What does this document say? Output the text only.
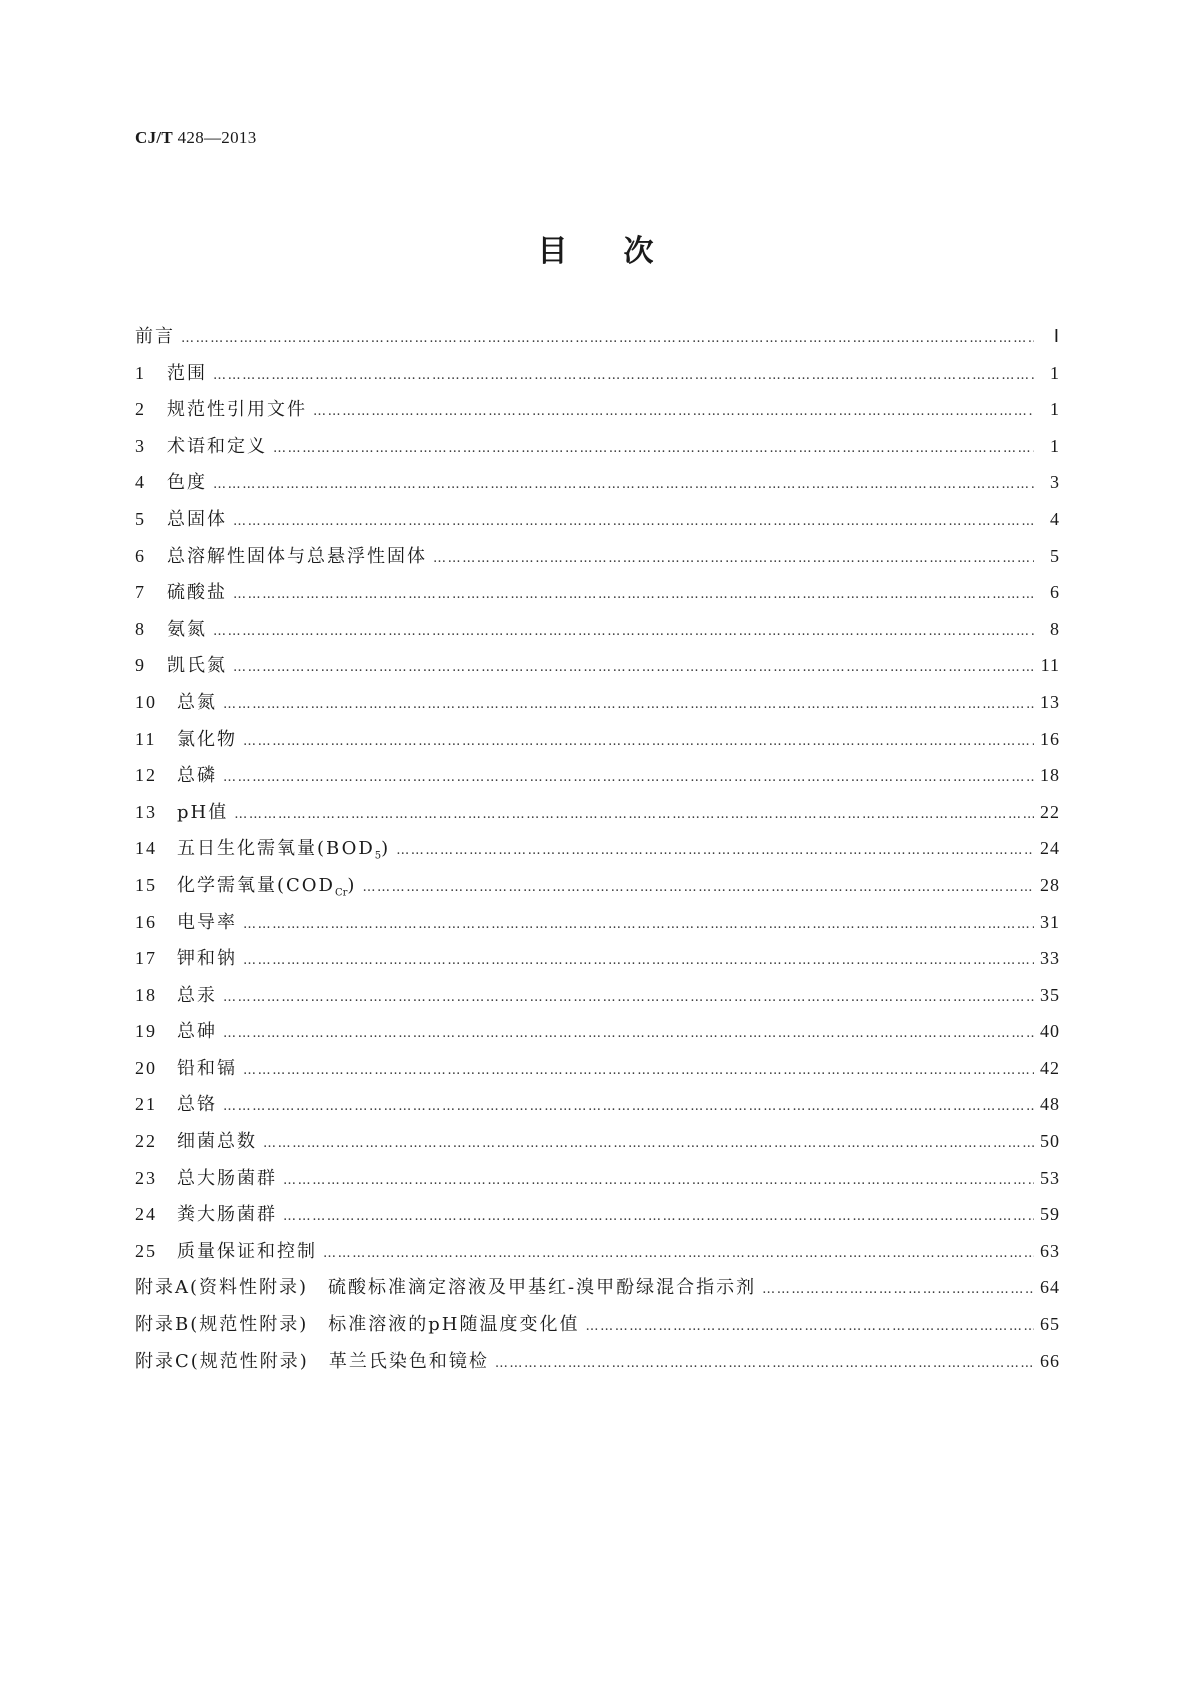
CJ/T 428—2013
目次
前言 ………………………………………………………………………………………………………………………………………………………………………………………………………………	Ⅰ
1	范围 ………………………………………………………………………………………………………………………………………………………………………………………………………………	1
2	规范性引用文件 ………………………………………………………………………………………………………………………………………………………………………………………………………………	1
3	术语和定义 ………………………………………………………………………………………………………………………………………………………………………………………………………………	1
4	色度 ………………………………………………………………………………………………………………………………………………………………………………………………………………	3
5	总固体 ………………………………………………………………………………………………………………………………………………………………………………………………………………	4
6	总溶解性固体与总悬浮性固体 ………………………………………………………………………………………………………………………………………………………………………………………………………………	5
7	硫酸盐 ………………………………………………………………………………………………………………………………………………………………………………………………………………	6
8	氨氮 ………………………………………………………………………………………………………………………………………………………………………………………………………………	8
9	凯氏氮 ………………………………………………………………………………………………………………………………………………………………………………………………………………	11
10	总氮 ………………………………………………………………………………………………………………………………………………………………………………………………………………	13
11	氯化物 ………………………………………………………………………………………………………………………………………………………………………………………………………………	16
12	总磷 ………………………………………………………………………………………………………………………………………………………………………………………………………………	18
13	pH值 ………………………………………………………………………………………………………………………………………………………………………………………………………………	22
14	五日生化需氧量$(BOD_5)$ ………………………………………………………………………………………………………………………………………………………………………………………………………………	24
15	化学需氧量$(COD_{Cr})$ ………………………………………………………………………………………………………………………………………………………………………………………………………………	28
16	电导率 ………………………………………………………………………………………………………………………………………………………………………………………………………………	31
17	钾和钠 ………………………………………………………………………………………………………………………………………………………………………………………………………………	33
18	总汞 ………………………………………………………………………………………………………………………………………………………………………………………………………………	35
19	总砷 ………………………………………………………………………………………………………………………………………………………………………………………………………………	40
20	铅和镉 ………………………………………………………………………………………………………………………………………………………………………………………………………………	42
21	总铬 ………………………………………………………………………………………………………………………………………………………………………………………………………………	48
22	细菌总数 ………………………………………………………………………………………………………………………………………………………………………………………………………………	50
23	总大肠菌群 ………………………………………………………………………………………………………………………………………………………………………………………………………………	53
24	粪大肠菌群 ………………………………………………………………………………………………………………………………………………………………………………………………………………	59
25	质量保证和控制 ………………………………………………………………………………………………………………………………………………………………………………………………………………	63
附录A(资料性附录)　硫酸标准滴定溶液及甲基红-溴甲酚绿混合指示剂 ………………………………………………………………………………………………………………………………………………………………………………………………………………	64
附录B(规范性附录)　标准溶液的pH随温度变化值 ………………………………………………………………………………………………………………………………………………………………………………………………………………	65
附录C(规范性附录)　革兰氏染色和镜检 ………………………………………………………………………………………………………………………………………………………………………………………………………………	66
